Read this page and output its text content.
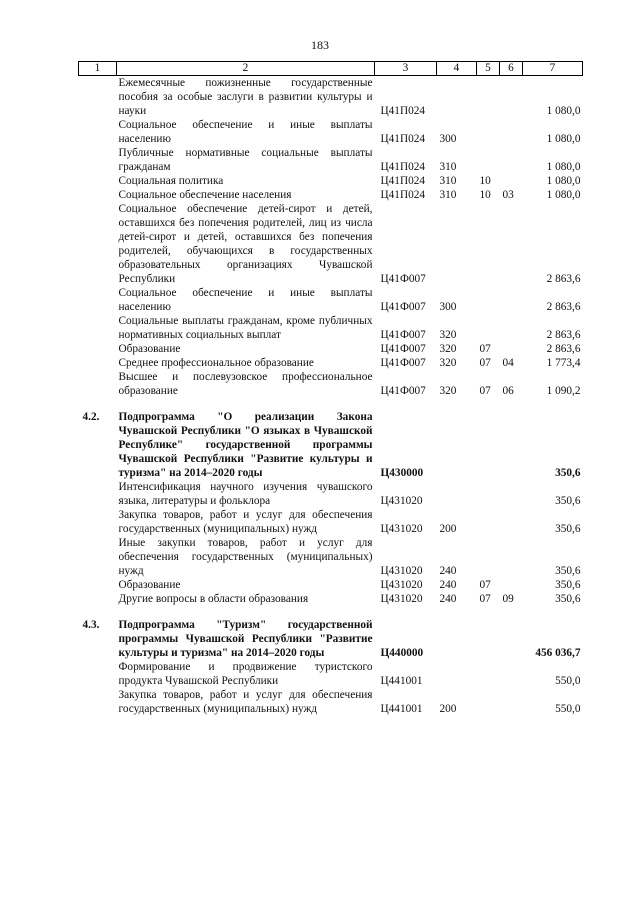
183
1	2	3	4	5	6	7
	Ежемесячные пожизненные государственные пособия за особые заслуги в развитии культуры и науки	Ц41П024				1 080,0
	Социальное обеспечение и иные выплаты населению	Ц41П024	300			1 080,0
	Публичные нормативные социальные выплаты гражданам	Ц41П024	310			1 080,0
	Социальная политика	Ц41П024	310	10		1 080,0
	Социальное обеспечение населения	Ц41П024	310	10	03	1 080,0
	Социальное обеспечение детей-сирот и детей, оставшихся без попечения родителей, лиц из числа детей-сирот и детей, оставшихся без попечения родителей, обучающихся в государственных образовательных организациях Чувашской Республики	Ц41Ф007				2 863,6
	Социальное обеспечение и иные выплаты населению	Ц41Ф007	300			2 863,6
	Социальные выплаты гражданам, кроме публичных нормативных социальных выплат	Ц41Ф007	320			2 863,6
	Образование	Ц41Ф007	320	07		2 863,6
	Среднее профессиональное образование	Ц41Ф007	320	07	04	1 773,4
	Высшее и послевузовское профессиональное образование	Ц41Ф007	320	07	06	1 090,2

4.2.	Подпрограмма "О реализации Закона Чувашской Республики "О языках в Чувашской Республике" государственной программы Чувашской Республики "Развитие культуры и туризма" на 2014–2020 годы	Ц430000				350,6
	Интенсификация научного изучения чувашского языка, литературы и фольклора	Ц431020				350,6
	Закупка товаров, работ и услуг для обеспечения государственных (муниципальных) нужд	Ц431020	200			350,6
	Иные закупки товаров, работ и услуг для обеспечения государственных (муниципальных) нужд	Ц431020	240			350,6
	Образование	Ц431020	240	07		350,6
	Другие вопросы в области образования	Ц431020	240	07	09	350,6

4.3.	Подпрограмма "Туризм" государственной программы Чувашской Республики "Развитие культуры и туризма" на 2014–2020 годы	Ц440000				456 036,7
	Формирование и продвижение туристского продукта Чувашской Республики	Ц441001				550,0
	Закупка товаров, работ и услуг для обеспечения государственных (муниципальных) нужд	Ц441001	200			550,0
